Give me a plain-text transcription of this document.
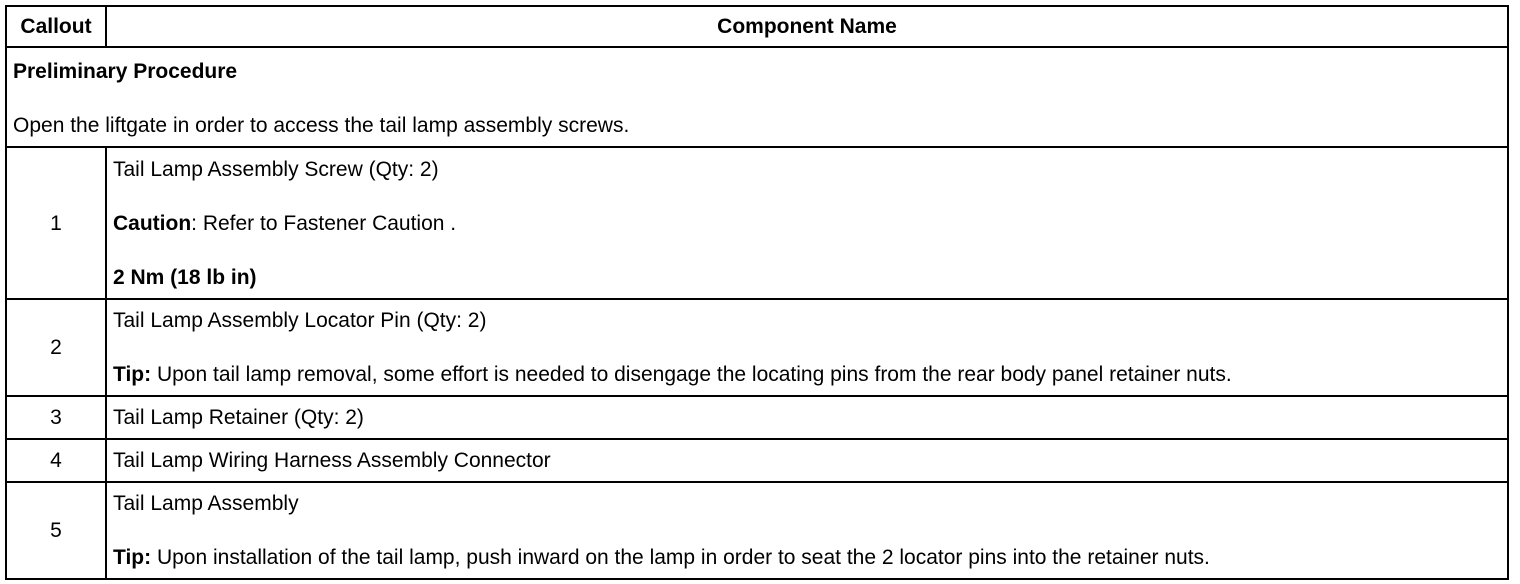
Callout	Component Name

Preliminary Procedure

Open the liftgate in order to access the tail lamp assembly screws.	

1	Tail Lamp Assembly Screw (Qty: 2)

Caution: Refer to Fastener Caution .

2 Nm (18 lb in)

2	Tail Lamp Assembly Locator Pin (Qty: 2)

Tip: Upon tail lamp removal, some effort is needed to disengage the locating pins from the rear body panel retainer nuts.

3	Tail Lamp Retainer (Qty: 2)
4	Tail Lamp Wiring Harness Assembly Connector
5	Tail Lamp Assembly

Tip: Upon installation of the tail lamp, push inward on the lamp in order to seat the 2 locator pins into the retainer nuts.
